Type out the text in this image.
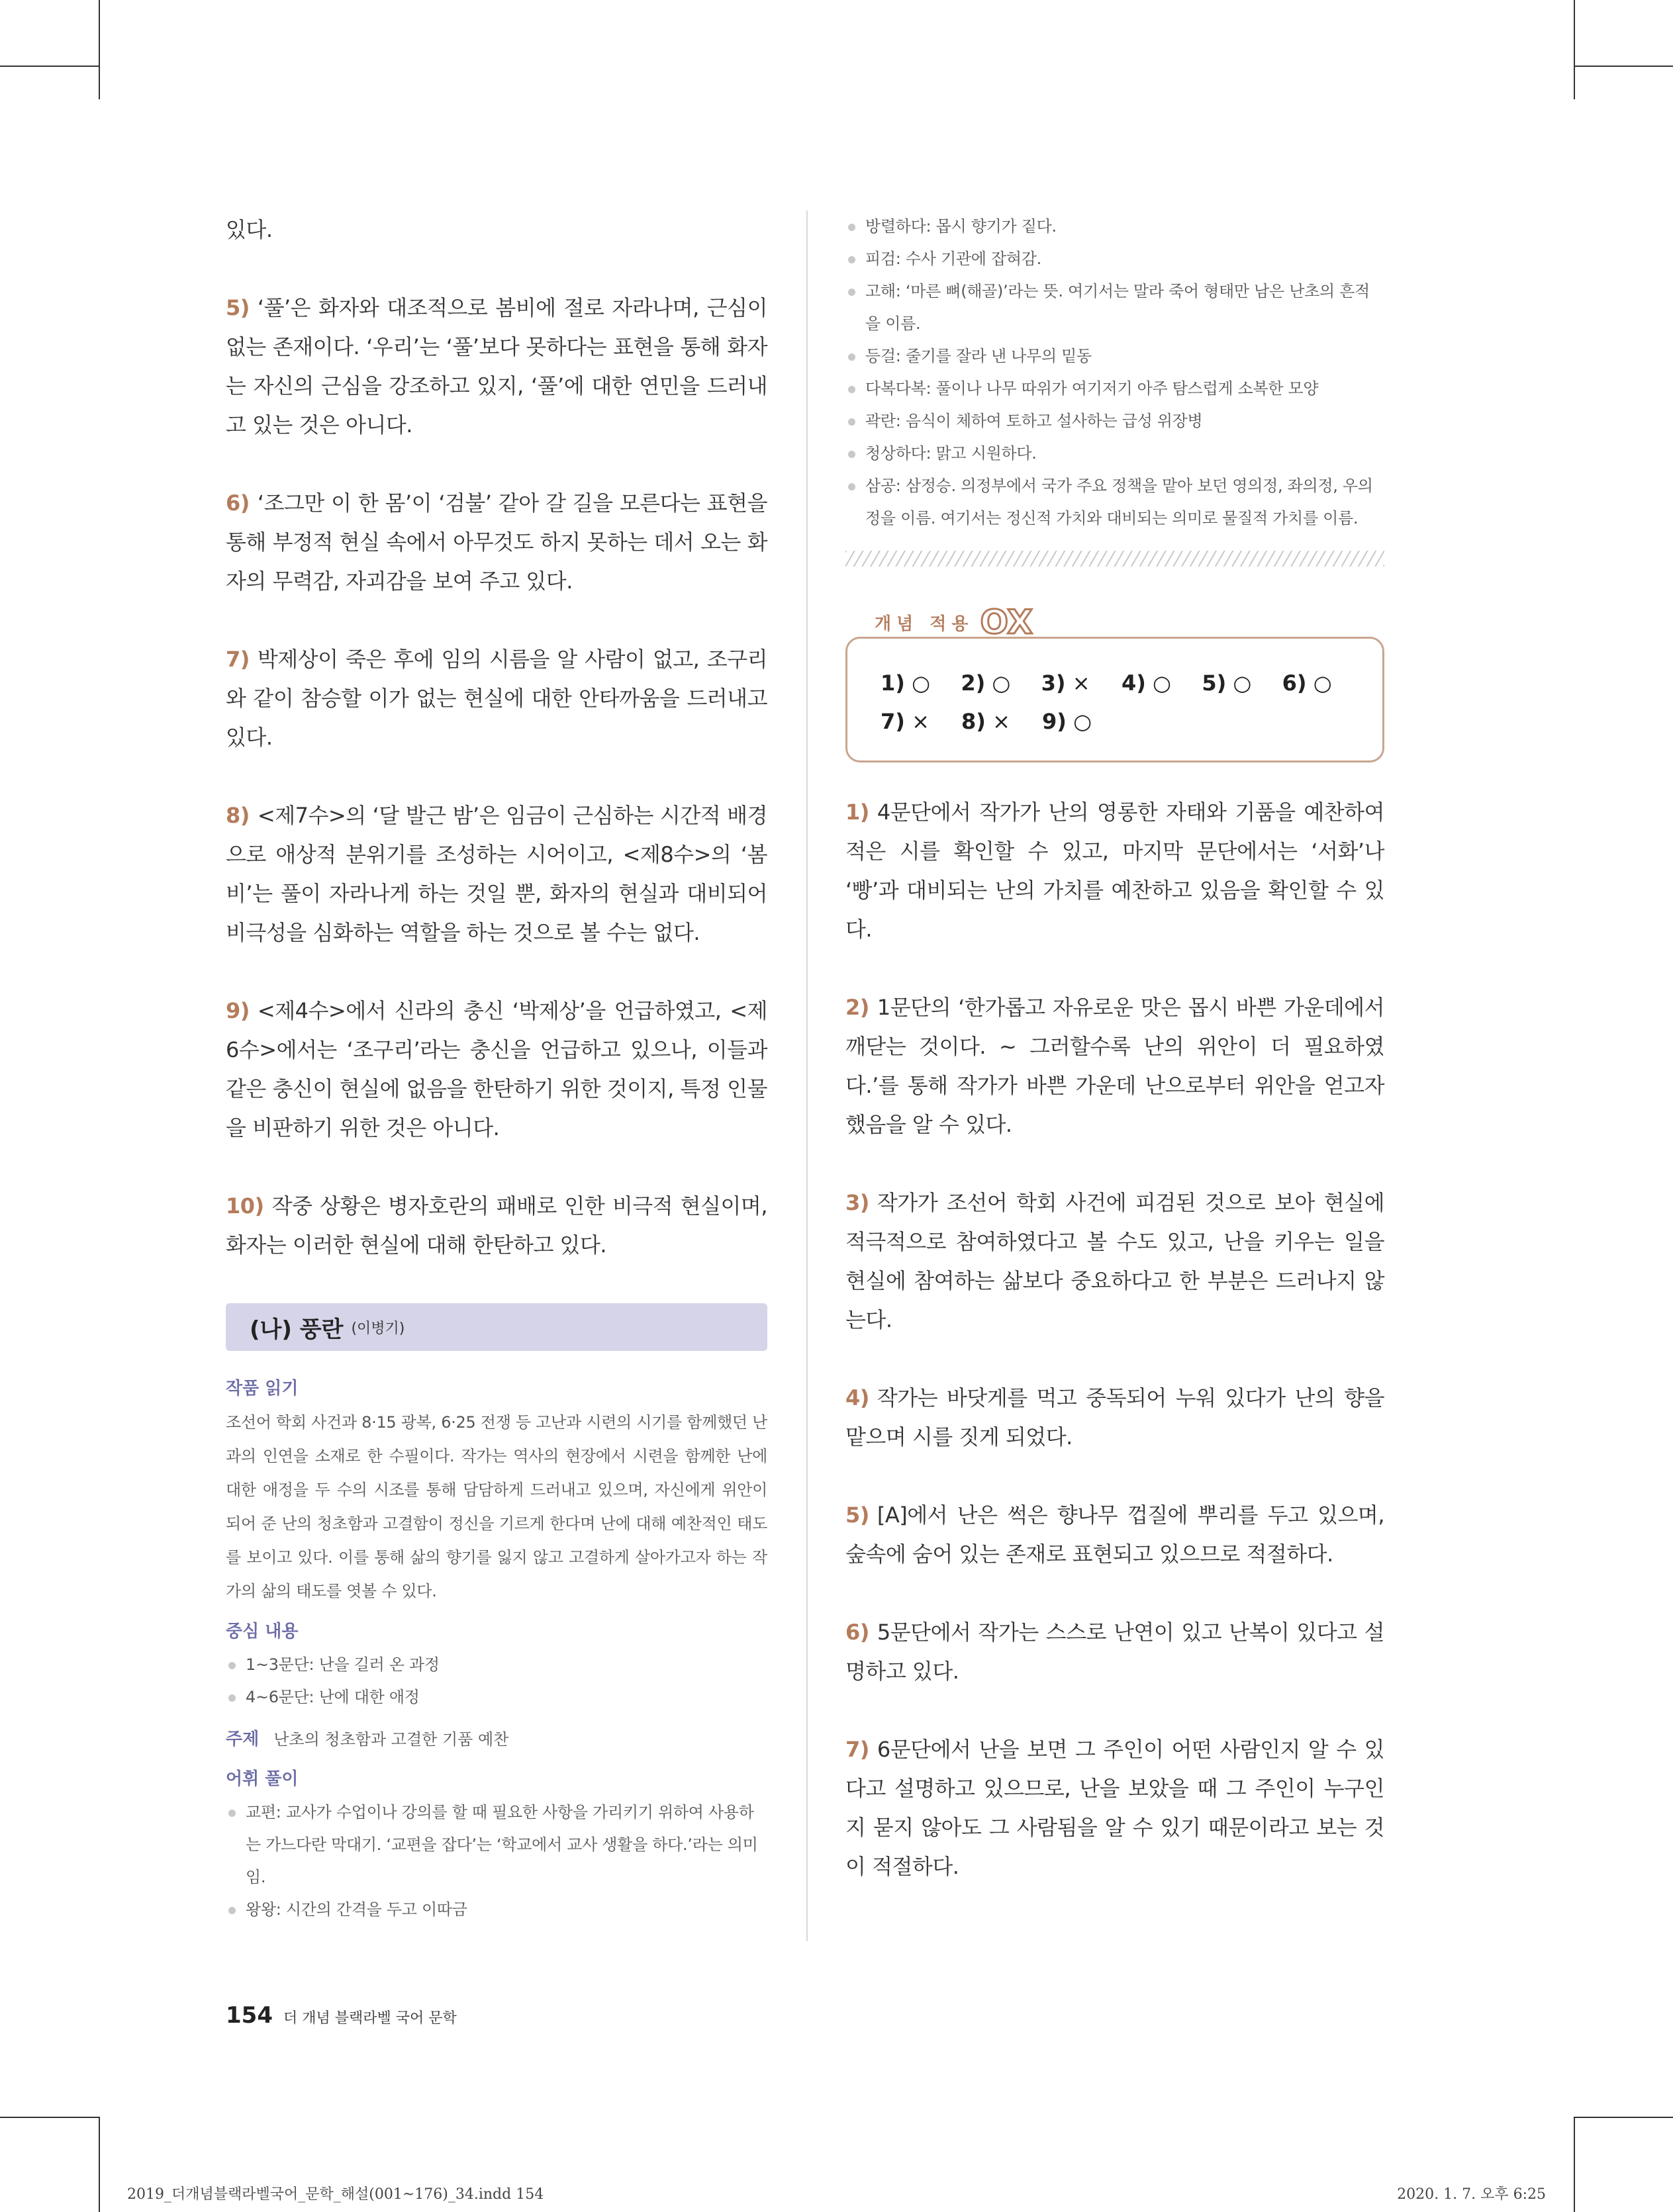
있다.

5) ‘풀’은 화자와 대조적으로 봄비에 절로 자라나며, 근심이 없는 존재이다. ‘우리’는 ‘풀’보다 못하다는 표현을 통해 화자는 자신의 근심을 강조하고 있지, ‘풀’에 대한 연민을 드러내고 있는 것은 아니다.

6) ‘조그만 이 한 몸’이 ‘검불’ 같아 갈 길을 모른다는 표현을 통해 부정적 현실 속에서 아무것도 하지 못하는 데서 오는 화자의 무력감, 자괴감을 보여 주고 있다.

7) 박제상이 죽은 후에 임의 시름을 알 사람이 없고, 조구리와 같이 참승할 이가 없는 현실에 대한 안타까움을 드러내고 있다.

8) <제7수>의 ‘달 발근 밤’은 임금이 근심하는 시간적 배경으로 애상적 분위기를 조성하는 시어이고, <제8수>의 ‘봄비’는 풀이 자라나게 하는 것일 뿐, 화자의 현실과 대비되어 비극성을 심화하는 역할을 하는 것으로 볼 수는 없다.

9) <제4수>에서 신라의 충신 ‘박제상’을 언급하였고, <제6수>에서는 ‘조구리’라는 충신을 언급하고 있으나, 이들과 같은 충신이 현실에 없음을 한탄하기 위한 것이지, 특정 인물을 비판하기 위한 것은 아니다.

10) 작중 상황은 병자호란의 패배로 인한 비극적 현실이며, 화자는 이러한 현실에 대해 한탄하고 있다.

(나) 풍란 (이병기)
작품 읽기
조선어 학회 사건과 8·15 광복, 6·25 전쟁 등 고난과 시련의 시기를 함께했던 난과의 인연을 소재로 한 수필이다. 작가는 역사의 현장에서 시련을 함께한 난에 대한 애정을 두 수의 시조를 통해 담담하게 드러내고 있으며, 자신에게 위안이 되어 준 난의 청초함과 고결함이 정신을 기르게 한다며 난에 대해 예찬적인 태도를 보이고 있다. 이를 통해 삶의 향기를 잃지 않고 고결하게 살아가고자 하는 작가의 삶의 태도를 엿볼 수 있다.
중심 내용
1~3문단: 난을 길러 온 과정
4~6문단: 난에 대한 애정
주제 난초의 청초함과 고결한 기품 예찬
어휘 풀이
교편: 교사가 수업이나 강의를 할 때 필요한 사항을 가리키기 위하여 사용하는 가느다란 막대기. ‘교편을 잡다’는 ‘학교에서 교사 생활을 하다.’라는 의미임.
왕왕: 시간의 간격을 두고 이따금
방렬하다: 몹시 향기가 짙다.
피검: 수사 기관에 잡혀감.
고해: ‘마른 뼈(해골)’라는 뜻. 여기서는 말라 죽어 형태만 남은 난초의 흔적을 이름.
등걸: 줄기를 잘라 낸 나무의 밑동
다복다복: 풀이나 나무 따위가 여기저기 아주 탐스럽게 소복한 모양
곽란: 음식이 체하여 토하고 설사하는 급성 위장병
청상하다: 맑고 시원하다.
삼공: 삼정승. 의정부에서 국가 주요 정책을 맡아 보던 영의정, 좌의정, 우의정을 이름. 여기서는 정신적 가치와 대비되는 의미로 물질적 가치를 이름.
개념 적용 OX
1) ○	2) ○	3) ×	4) ○	5) ○	6) ○
7) ×	8) ×	9) ○

1) 4문단에서 작가가 난의 영롱한 자태와 기품을 예찬하여 적은 시를 확인할 수 있고, 마지막 문단에서는 ‘서화’나 ‘빵’과 대비되는 난의 가치를 예찬하고 있음을 확인할 수 있다.

2) 1문단의 ‘한가롭고 자유로운 맛은 몹시 바쁜 가운데에서 깨닫는 것이다. ~ 그러할수록 난의 위안이 더 필요하였다.’를 통해 작가가 바쁜 가운데 난으로부터 위안을 얻고자 했음을 알 수 있다.

3) 작가가 조선어 학회 사건에 피검된 것으로 보아 현실에 적극적으로 참여하였다고 볼 수도 있고, 난을 키우는 일을 현실에 참여하는 삶보다 중요하다고 한 부분은 드러나지 않는다.

4) 작가는 바닷게를 먹고 중독되어 누워 있다가 난의 향을 맡으며 시를 짓게 되었다.

5) [A]에서 난은 썩은 향나무 껍질에 뿌리를 두고 있으며, 숲속에 숨어 있는 존재로 표현되고 있으므로 적절하다.

6) 5문단에서 작가는 스스로 난연이 있고 난복이 있다고 설명하고 있다.

7) 6문단에서 난을 보면 그 주인이 어떤 사람인지 알 수 있다고 설명하고 있으므로, 난을 보았을 때 그 주인이 누구인지 묻지 않아도 그 사람됨을 알 수 있기 때문이라고 보는 것이 적절하다.

154 더 개념 블랙라벨 국어 문학
2019_더개념블랙라벨국어_문학_해설(001~176)_34.indd 154	2020. 1. 7. 오후 6:25
